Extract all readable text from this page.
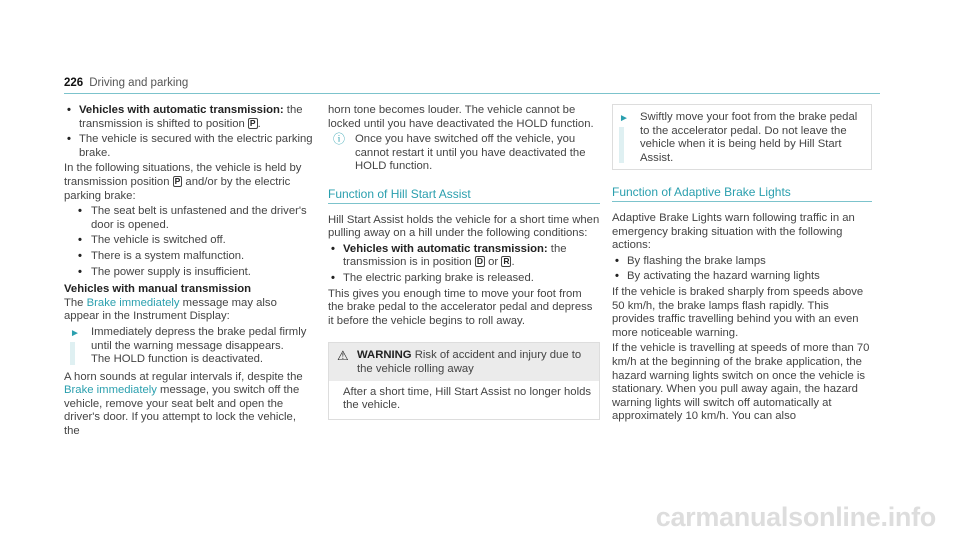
226 Driving and parking
• Vehicles with automatic transmission: the transmission is shifted to position P .
• The vehicle is secured with the electric parking brake.

In the following situations, the vehicle is held by transmission position P and/or by the electric parking brake:

• The seat belt is unfastened and the driver's door is opened.
• The vehicle is switched off.
• There is a system malfunction.
• The power supply is insufficient.
Vehicles with manual transmission

The Brake immediately message may also appear in the Instrument Display:

► Immediately depress the brake pedal firmly until the warning message disappears.
The HOLD function is deactivated.

A horn sounds at regular intervals if, despite the Brake immediately message, you switch off the vehicle, remove your seat belt and open the driver's door. If you attempt to lock the vehicle, the

horn tone becomes louder. The vehicle cannot be locked until you have deactivated the HOLD function.

ⓘ Once you have switched off the vehicle, you cannot restart it until you have deactivated the HOLD function.
Function of Hill Start Assist

Hill Start Assist holds the vehicle for a short time when pulling away on a hill under the following conditions:

• Vehicles with automatic transmission: the transmission is in position D or R .
• The electric parking brake is released.

This gives you enough time to move your foot from the brake pedal to the accelerator pedal and depress it before the vehicle begins to roll away.

⚠ WARNING Risk of accident and injury due to the vehicle rolling away
After a short time, Hill Start Assist no longer holds the vehicle.
► Swiftly move your foot from the brake pedal to the accelerator pedal. Do not leave the vehicle when it is being held by Hill Start Assist.
Function of Adaptive Brake Lights

Adaptive Brake Lights warn following traffic in an emergency braking situation with the following actions:

• By flashing the brake lamps
• By activating the hazard warning lights

If the vehicle is braked sharply from speeds above 50 km/h, the brake lamps flash rapidly. This provides traffic travelling behind you with an even more noticeable warning.

If the vehicle is travelling at speeds of more than 70 km/h at the beginning of the brake application, the hazard warning lights switch on once the vehicle is stationary. When you pull away again, the hazard warning lights will switch off automatically at approximately 10 km/h. You can also

carmanualsonline.info
